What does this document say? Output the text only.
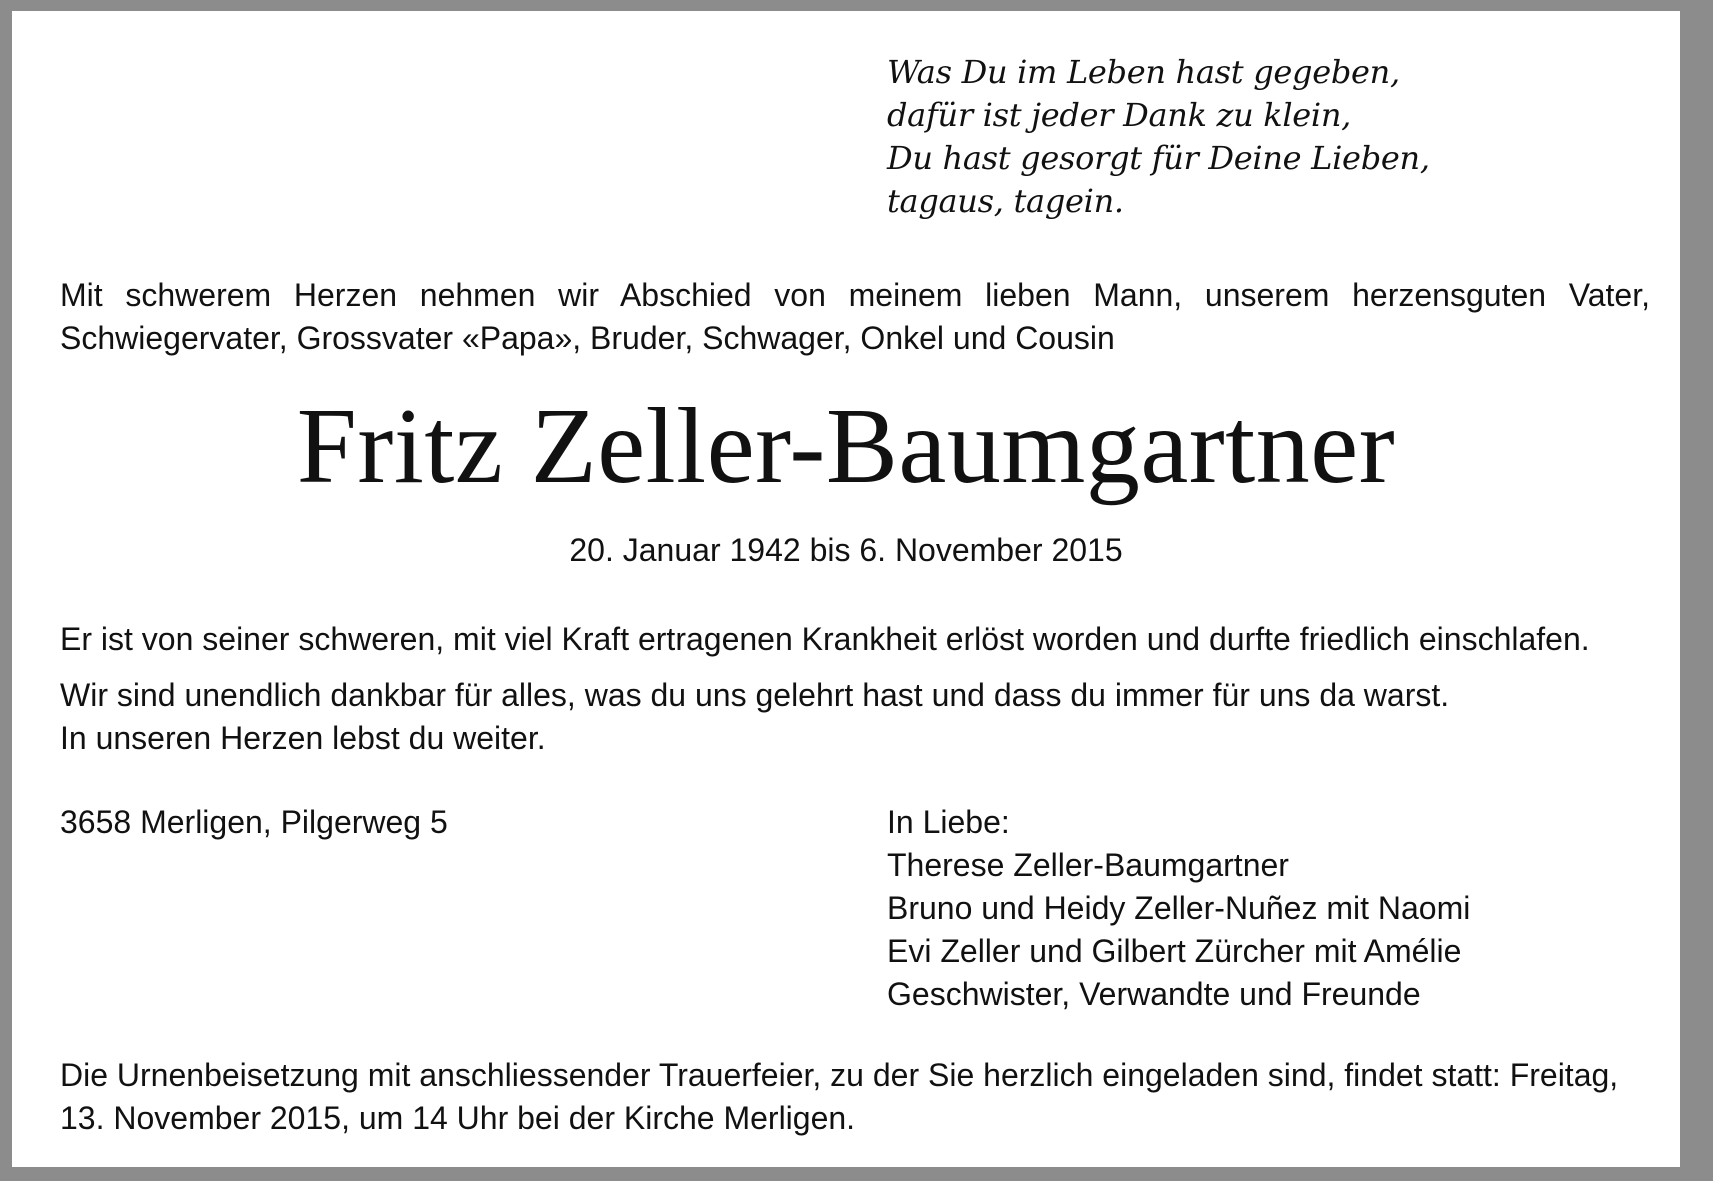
Was Du im Leben hast gegeben,
dafür ist jeder Dank zu klein,
Du hast gesorgt für Deine Lieben,
tagaus, tagein.
Mit schwerem Herzen nehmen wir Abschied von meinem lieben Mann, unserem herzensguten Vater,
Schwiegervater, Grossvater «Papa», Bruder, Schwager, Onkel und Cousin
Fritz Zeller-Baumgartner
20. Januar 1942 bis 6. November 2015
Er ist von seiner schweren, mit viel Kraft ertragenen Krankheit erlöst worden und durfte friedlich einschlafen.
Wir sind unendlich dankbar für alles, was du uns gelehrt hast und dass du immer für uns da warst.
In unseren Herzen lebst du weiter.
3658 Merligen, Pilgerweg 5	In Liebe:
Therese Zeller-Baumgartner
Bruno und Heidy Zeller-Nuñez mit Naomi
Evi Zeller und Gilbert Zürcher mit Amélie
Geschwister, Verwandte und Freunde
Die Urnenbeisetzung mit anschliessender Trauerfeier, zu der Sie herzlich eingeladen sind, findet statt: Freitag,
13. November 2015, um 14 Uhr bei der Kirche Merligen.
